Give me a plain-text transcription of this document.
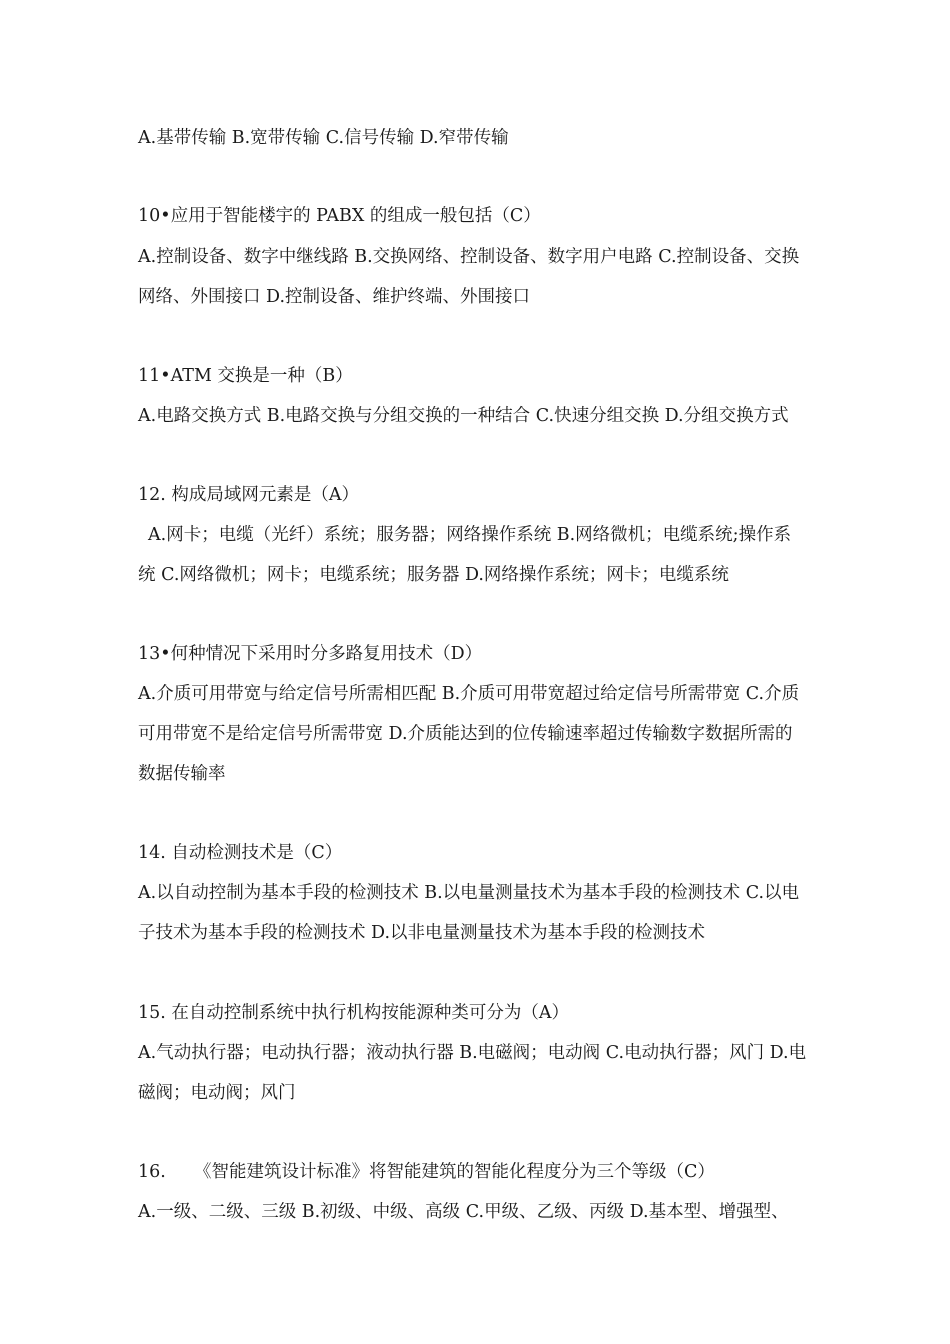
A.基带传输 B.宽带传输 C.信号传输 D.窄带传输
10•应用于智能楼宇的 PABX 的组成一般包括（C）
A.控制设备、数字中继线路 B.交换网络、控制设备、数字用户电路 C.控制设备、交换
网络、外围接口 D.控制设备、维护终端、外围接口
11•ATM 交换是一种（B）
A.电路交换方式 B.电路交换与分组交换的一种结合 C.快速分组交换 D.分组交换方式
12. 构成局域网元素是（A）
A.网卡；电缆（光纤）系统；服务器；网络操作系统 B.网络微机；电缆系统;操作系
统 C.网络微机；网卡；电缆系统；服务器 D.网络操作系统；网卡；电缆系统
13•何种情况下采用时分多路复用技术（D）
A.介质可用带宽与给定信号所需相匹配 B.介质可用带宽超过给定信号所需带宽 C.介质
可用带宽不是给定信号所需带宽 D.介质能达到的位传输速率超过传输数字数据所需的
数据传输率
14. 自动检测技术是（C）
A.以自动控制为基本手段的检测技术 B.以电量测量技术为基本手段的检测技术 C.以电
子技术为基本手段的检测技术 D.以非电量测量技术为基本手段的检测技术
15. 在自动控制系统中执行机构按能源种类可分为（A）
A.气动执行器；电动执行器；液动执行器 B.电磁阀；电动阀 C.电动执行器；风门 D.电
磁阀；电动阀；风门
16. 《智能建筑设计标准》将智能建筑的智能化程度分为三个等级（C）
A.一级、二级、三级 B.初级、中级、高级 C.甲级、乙级、丙级 D.基本型、增强型、
